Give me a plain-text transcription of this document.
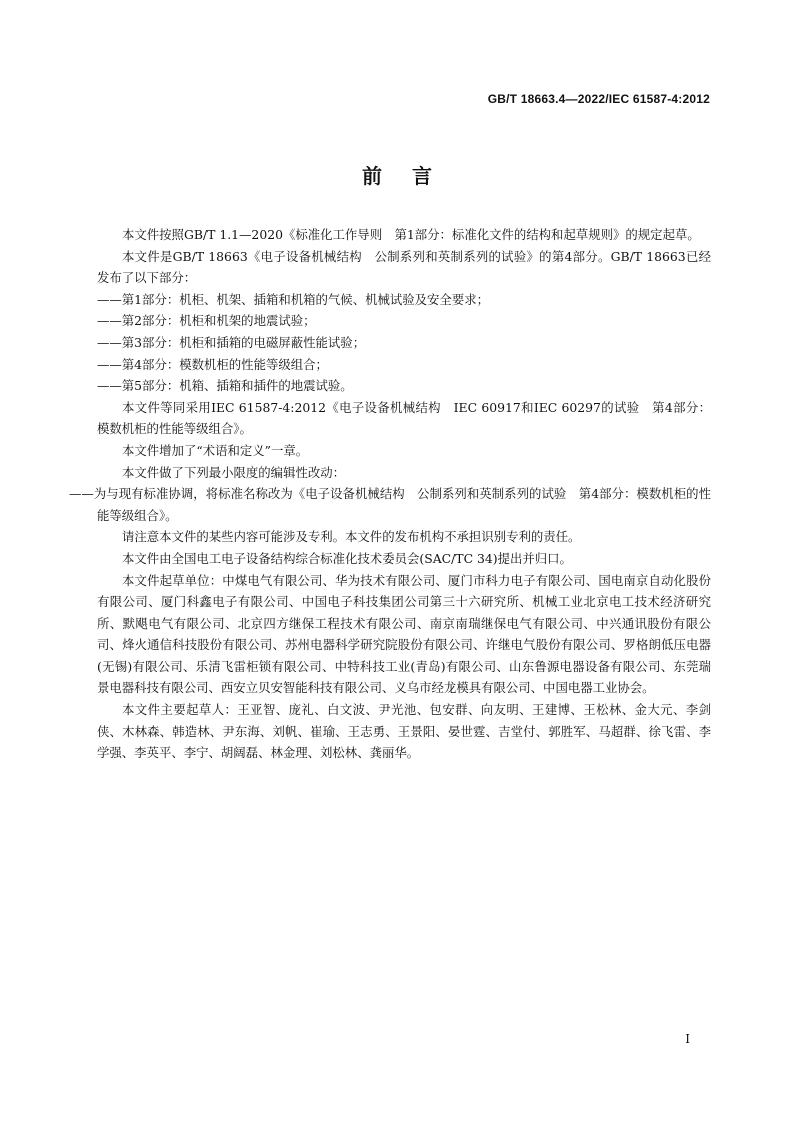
GB/T 18663.4—2022/IEC 61587-4:2012
前言

本文件按照GB/T 1.1—2020《标准化工作导则　第1部分：标准化文件的结构和起草规则》的规定起草。

本文件是GB/T 18663《电子设备机械结构　公制系列和英制系列的试验》的第4部分。GB/T 18663已经发布了以下部分：

——第1部分：机柜、机架、插箱和机箱的气候、机械试验及安全要求；

——第2部分：机柜和机架的地震试验；

——第3部分：机柜和插箱的电磁屏蔽性能试验；

——第4部分：模数机柜的性能等级组合；

——第5部分：机箱、插箱和插件的地震试验。

本文件等同采用IEC 61587-4:2012《电子设备机械结构　IEC 60917和IEC 60297的试验　第4部分：模数机柜的性能等级组合》。

本文件增加了“术语和定义”一章。

本文件做了下列最小限度的编辑性改动：

——为与现有标准协调，将标准名称改为《电子设备机械结构　公制系列和英制系列的试验　第4部分：模数机柜的性能等级组合》。

请注意本文件的某些内容可能涉及专利。本文件的发布机构不承担识别专利的责任。

本文件由全国电工电子设备结构综合标准化技术委员会(SAC/TC 34)提出并归口。

本文件起草单位：中煤电气有限公司、华为技术有限公司、厦门市科力电子有限公司、国电南京自动化股份有限公司、厦门科鑫电子有限公司、中国电子科技集团公司第三十六研究所、机械工业北京电工技术经济研究所、默飓电气有限公司、北京四方继保工程技术有限公司、南京南瑞继保电气有限公司、中兴通讯股份有限公司、烽火通信科技股份有限公司、苏州电器科学研究院股份有限公司、许继电气股份有限公司、罗格朗低压电器(无锡)有限公司、乐清飞雷柜锁有限公司、中特科技工业(青岛)有限公司、山东鲁源电器设备有限公司、东莞瑞景电器科技有限公司、西安立贝安智能科技有限公司、义乌市经龙模具有限公司、中国电器工业协会。

本文件主要起草人：王亚智、庞礼、白文波、尹光池、包安群、向友明、王建博、王松林、金大元、李剑侠、木林森、韩造林、尹东海、刘帆、崔瑜、王志勇、王景阳、晏世霆、吉堂付、郭胜军、马超群、徐飞雷、李学强、李英平、李宁、胡阔磊、林金理、刘松林、龚丽华。

I
